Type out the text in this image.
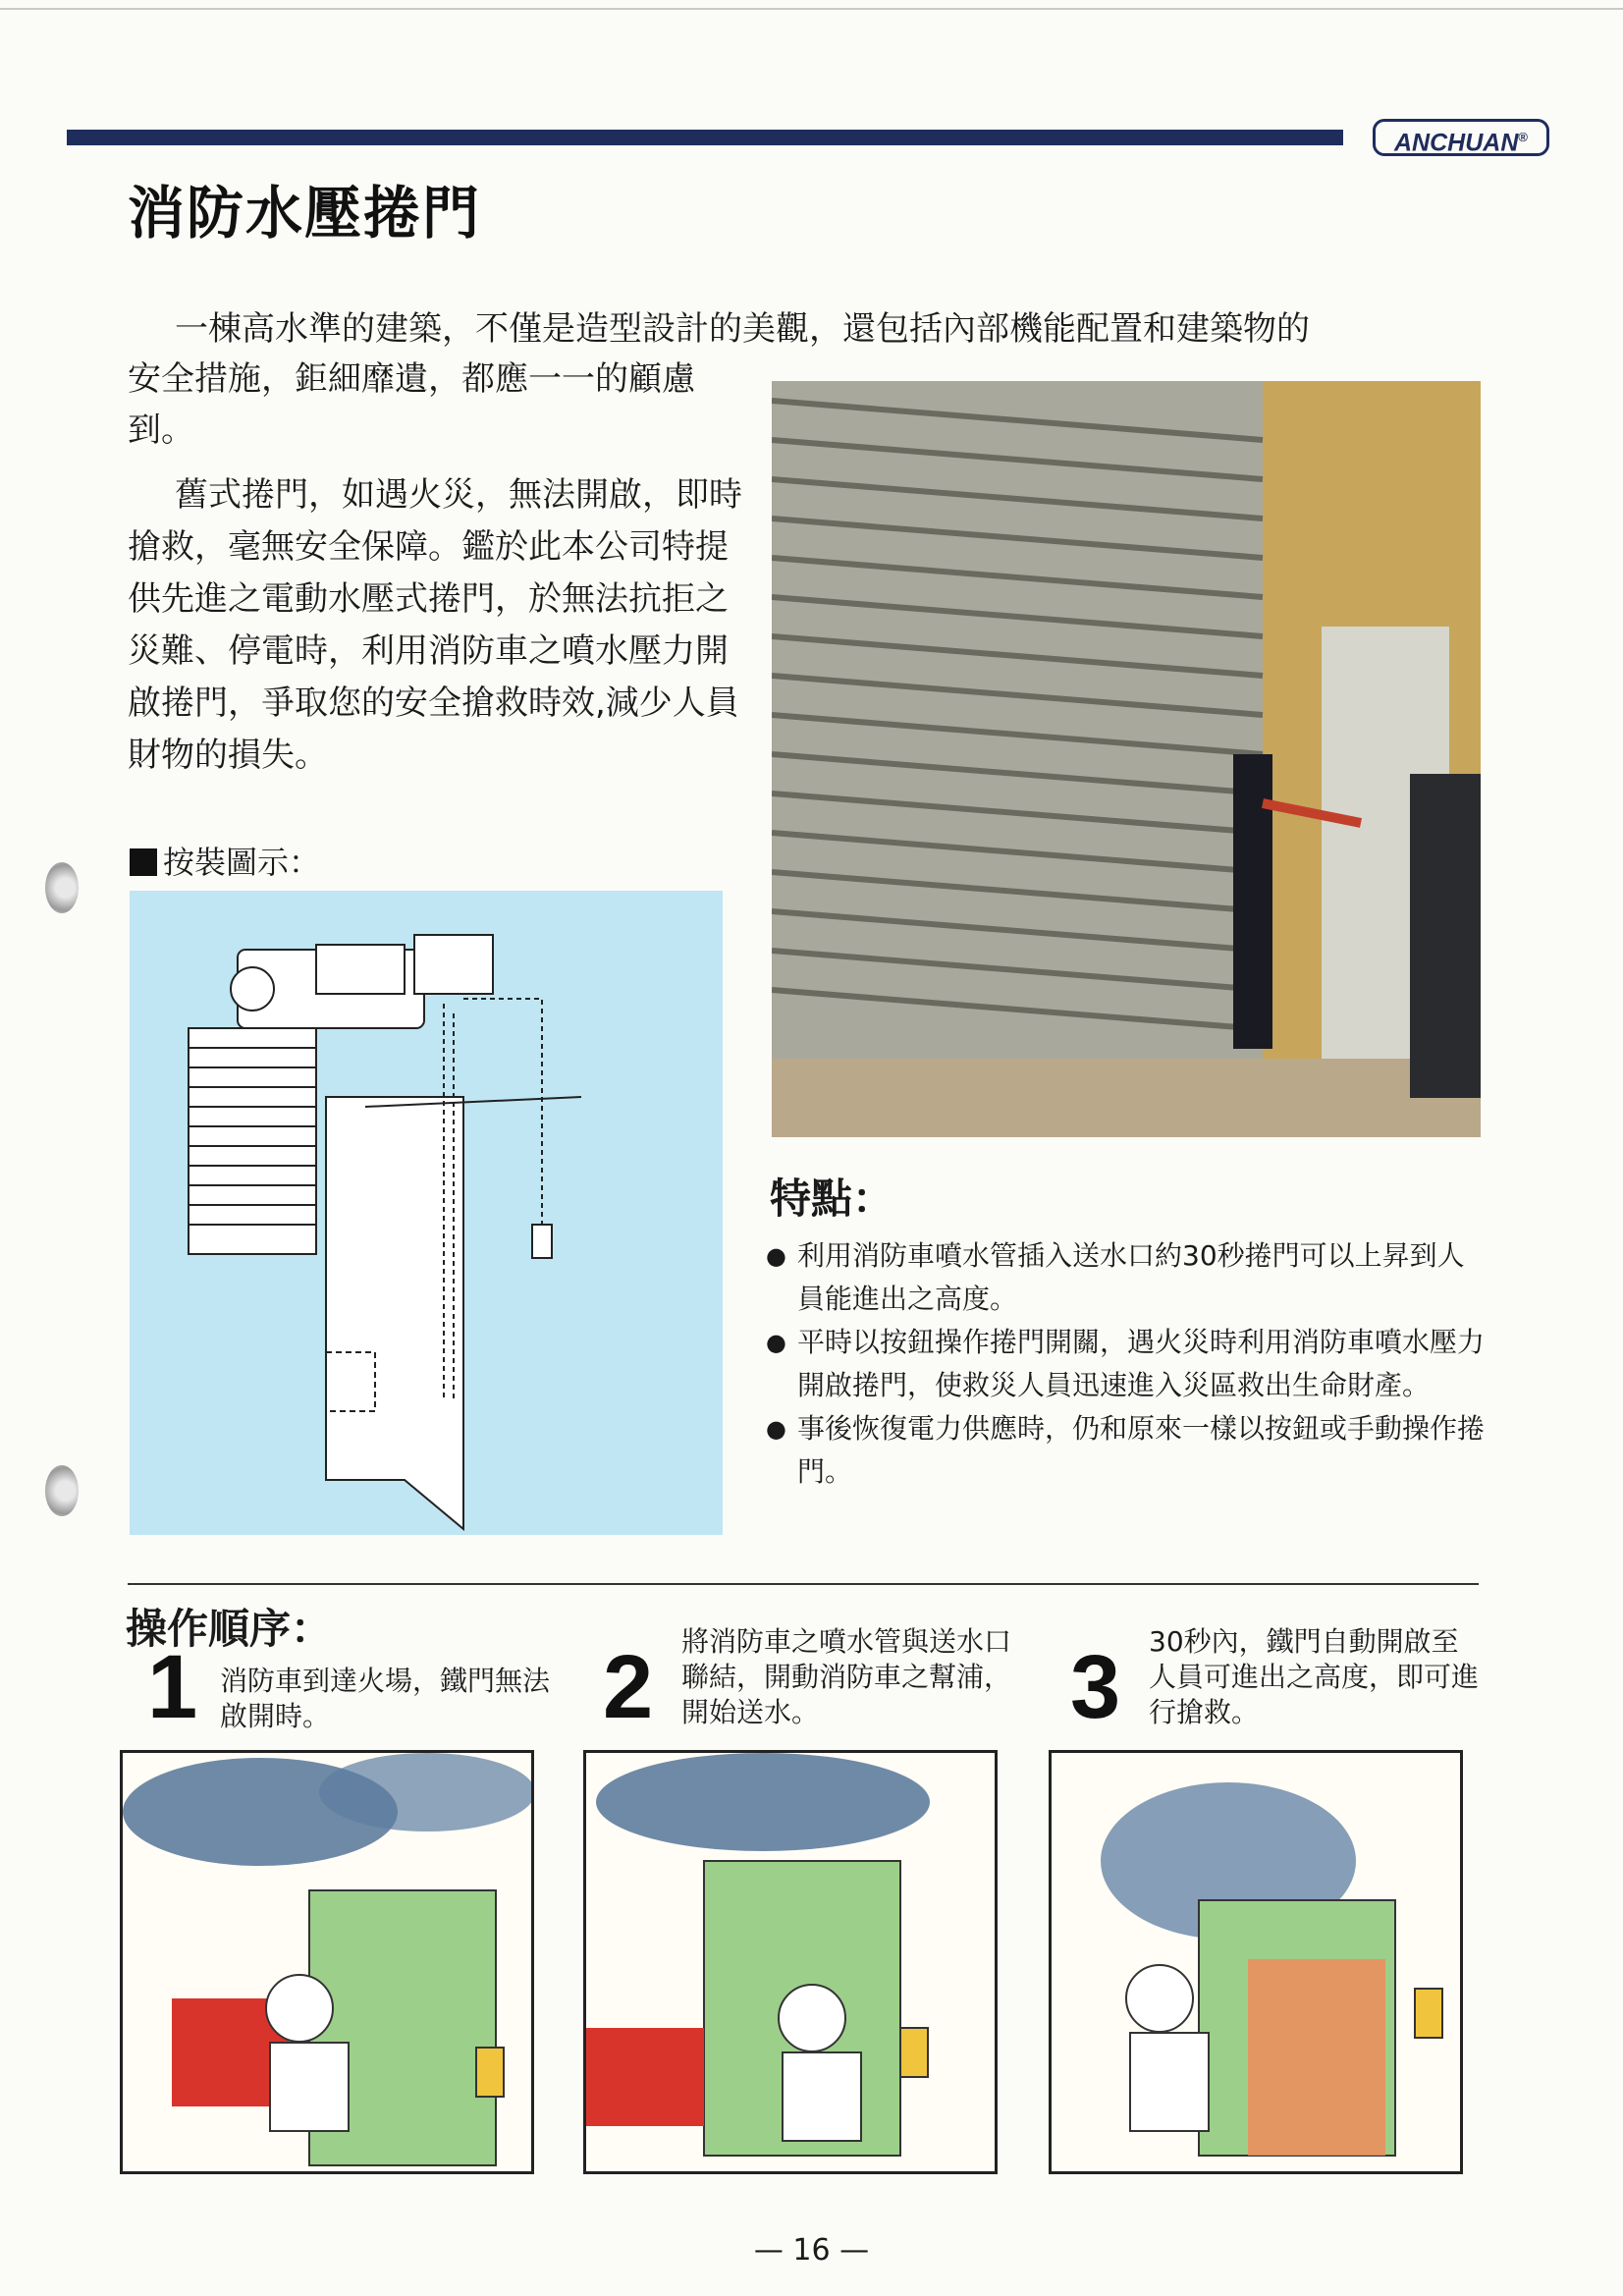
ANCHUAN®
消防水壓捲門
一棟高水準的建築，不僅是造型設計的美觀，還包括內部機能配置和建築物的
安全措施，鉅細靡遺，都應一一的顧慮到。
舊式捲門，如遇火災，無法開啟，即時搶救，毫無安全保障。鑑於此本公司特提供先進之電動水壓式捲門，於無法抗拒之災難、停電時，利用消防車之噴水壓力開啟捲門，爭取您的安全搶救時效,減少人員財物的損失。
按裝圖示：
特點：
● 利用消防車噴水管插入送水口約30秒捲門可以上昇到人員能進出之高度。
● 平時以按鈕操作捲門開關，遇火災時利用消防車噴水壓力開啟捲門，使救災人員迅速進入災區救出生命財產。
● 事後恢復電力供應時，仍和原來一樣以按鈕或手動操作捲門。
操作順序：
1 消防車到達火場，鐵門無法啟開時。	2 將消防車之噴水管與送水口聯結，開動消防車之幫浦，開始送水。	3 30秒內，鐵門自動開啟至人員可進出之高度，即可進行搶救。
— 16 —
